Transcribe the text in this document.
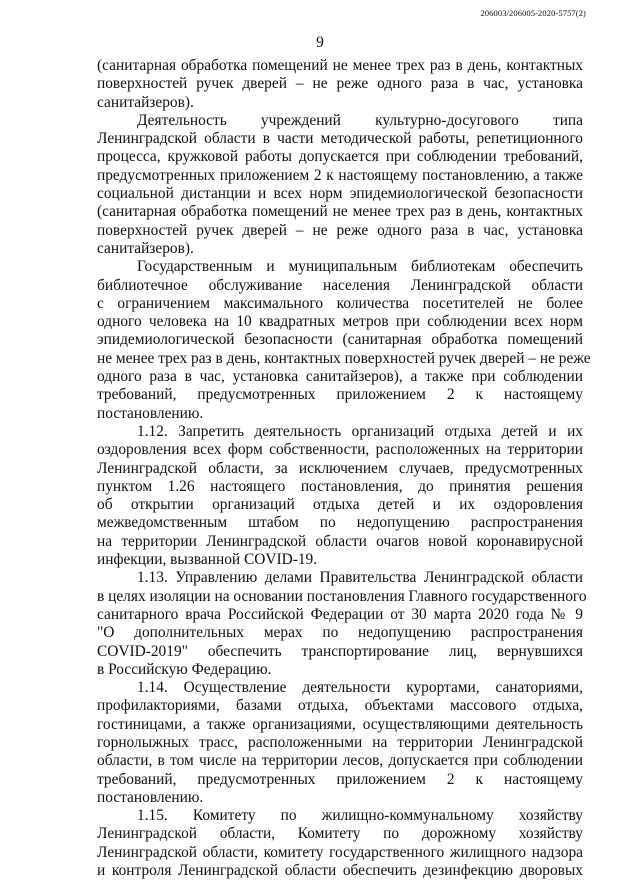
206003/206005-2020-5757(2)
9
(санитарная обработка помещений не менее трех раз в день, контактных
поверхностей ручек дверей – не реже одного раза в час, установка
санитайзеров).
Деятельность учреждений культурно-досугового типа
Ленинградской области в части методической работы, репетиционного
процесса, кружковой работы допускается при соблюдении требований,
предусмотренных приложением 2 к настоящему постановлению, а также
социальной дистанции и всех норм эпидемиологической безопасности
(санитарная обработка помещений не менее трех раз в день, контактных
поверхностей ручек дверей – не реже одного раза в час, установка
санитайзеров).
Государственным и муниципальным библиотекам обеспечить
библиотечное обслуживание населения Ленинградской области
с ограничением максимального количества посетителей не более
одного человека на 10 квадратных метров при соблюдении всех норм
эпидемиологической безопасности (санитарная обработка помещений
не менее трех раз в день, контактных поверхностей ручек дверей – не реже
одного раза в час, установка санитайзеров), а также при соблюдении
требований, предусмотренных приложением 2 к настоящему
постановлению.
1.12. Запретить деятельность организаций отдыха детей и их
оздоровления всех форм собственности, расположенных на территории
Ленинградской области, за исключением случаев, предусмотренных
пунктом 1.26 настоящего постановления, до принятия решения
об открытии организаций отдыха детей и их оздоровления
межведомственным штабом по недопущению распространения
на территории Ленинградской области очагов новой коронавирусной
инфекции, вызванной COVID-19.
1.13. Управлению делами Правительства Ленинградской области
в целях изоляции на основании постановления Главного государственного
санитарного врача Российской Федерации от 30 марта 2020 года № 9
"О дополнительных мерах по недопущению распространения
COVID-2019" обеспечить транспортирование лиц, вернувшихся
в Российскую Федерацию.
1.14. Осуществление деятельности курортами, санаториями,
профилакториями, базами отдыха, объектами массового отдыха,
гостиницами, а также организациями, осуществляющими деятельность
горнолыжных трасс, расположенными на территории Ленинградской
области, в том числе на территории лесов, допускается при соблюдении
требований, предусмотренных приложением 2 к настоящему
постановлению.
1.15. Комитету по жилищно-коммунальному хозяйству
Ленинградской области, Комитету по дорожному хозяйству
Ленинградской области, комитету государственного жилищного надзора
и контроля Ленинградской области обеспечить дезинфекцию дворовых
